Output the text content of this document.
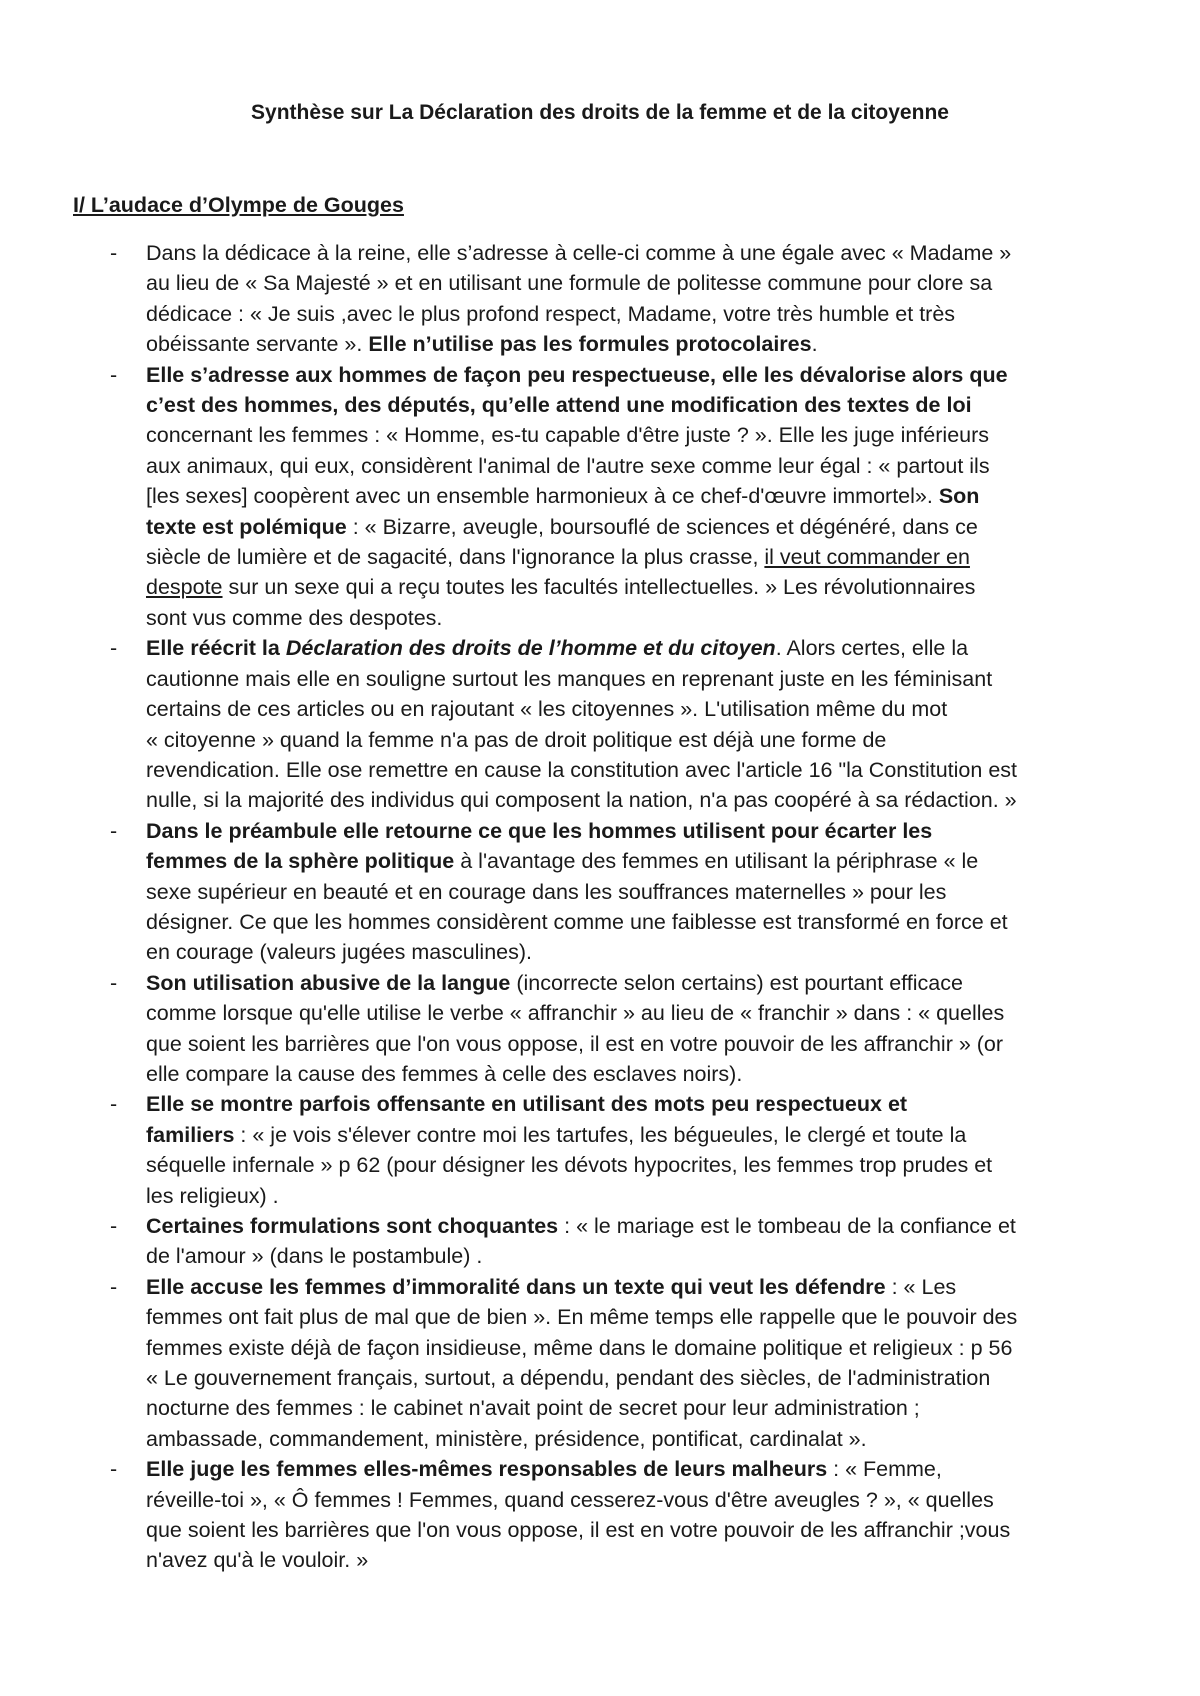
Synthèse sur La Déclaration des droits de la femme et de la citoyenne
I/ L’audace d’Olympe de Gouges
- Dans la dédicace à la reine, elle s’adresse à celle-ci comme à une égale avec « Madame »
au lieu de « Sa Majesté » et en utilisant une formule de politesse commune pour clore sa
dédicace : « Je suis ,avec le plus profond respect, Madame, votre très humble et très
obéissante servante ». Elle n’utilise pas les formules protocolaires.
- Elle s’adresse aux hommes de façon peu respectueuse, elle les dévalorise alors que
c’est des hommes, des députés, qu’elle attend une modification des textes de loi
concernant les femmes : « Homme, es-tu capable d'être juste ? ». Elle les juge inférieurs
aux animaux, qui eux, considèrent l'animal de l'autre sexe comme leur égal : « partout ils
[les sexes] coopèrent avec un ensemble harmonieux à ce chef-d'œuvre immortel». Son
texte est polémique : « Bizarre, aveugle, boursouflé de sciences et dégénéré, dans ce
siècle de lumière et de sagacité, dans l'ignorance la plus crasse, il veut commander en
despote sur un sexe qui a reçu toutes les facultés intellectuelles. » Les révolutionnaires
sont vus comme des despotes.
- Elle réécrit la Déclaration des droits de l’homme et du citoyen. Alors certes, elle la
cautionne mais elle en souligne surtout les manques en reprenant juste en les féminisant
certains de ces articles ou en rajoutant « les citoyennes ». L'utilisation même du mot
« citoyenne » quand la femme n'a pas de droit politique est déjà une forme de
revendication. Elle ose remettre en cause la constitution avec l'article 16 "la Constitution est
nulle, si la majorité des individus qui composent la nation, n'a pas coopéré à sa rédaction. »
- Dans le préambule elle retourne ce que les hommes utilisent pour écarter les
femmes de la sphère politique à l'avantage des femmes en utilisant la périphrase « le
sexe supérieur en beauté et en courage dans les souffrances maternelles » pour les
désigner. Ce que les hommes considèrent comme une faiblesse est transformé en force et
en courage (valeurs jugées masculines).
- Son utilisation abusive de la langue (incorrecte selon certains) est pourtant efficace
comme lorsque qu'elle utilise le verbe « affranchir » au lieu de « franchir » dans : « quelles
que soient les barrières que l'on vous oppose, il est en votre pouvoir de les affranchir » (or
elle compare la cause des femmes à celle des esclaves noirs).
- Elle se montre parfois offensante en utilisant des mots peu respectueux et
familiers : « je vois s'élever contre moi les tartufes, les bégueules, le clergé et toute la
séquelle infernale » p 62 (pour désigner les dévots hypocrites, les femmes trop prudes et
les religieux) .
- Certaines formulations sont choquantes : « le mariage est le tombeau de la confiance et
de l'amour » (dans le postambule) .
- Elle accuse les femmes d’immoralité dans un texte qui veut les défendre : « Les
femmes ont fait plus de mal que de bien ». En même temps elle rappelle que le pouvoir des
femmes existe déjà de façon insidieuse, même dans le domaine politique et religieux : p 56
« Le gouvernement français, surtout, a dépendu, pendant des siècles, de l'administration
nocturne des femmes : le cabinet n'avait point de secret pour leur administration ;
ambassade, commandement, ministère, présidence, pontificat, cardinalat ».
- Elle juge les femmes elles-mêmes responsables de leurs malheurs : « Femme,
réveille-toi », « Ô femmes ! Femmes, quand cesserez-vous d'être aveugles ? », « quelles
que soient les barrières que l'on vous oppose, il est en votre pouvoir de les affranchir ;vous
n'avez qu'à le vouloir. »
